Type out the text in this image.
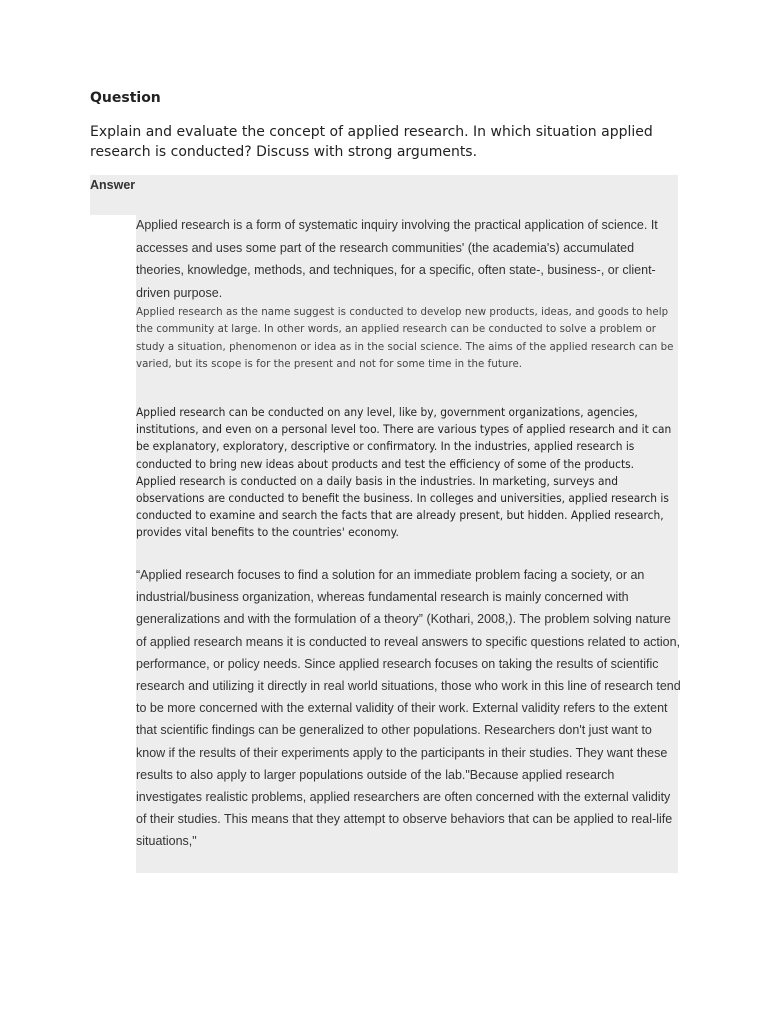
Question

Explain and evaluate the concept of applied research. In which situation applied research is conducted? Discuss with strong arguments.

Answer

Applied research is a form of systematic inquiry involving the practical application of science. It accesses and uses some part of the research communities' (the academia's) accumulated theories, knowledge, methods, and techniques, for a specific, often state-, business-, or client-driven purpose.

Applied research as the name suggest is conducted to develop new products, ideas, and goods to help the community at large. In other words, an applied research can be conducted to solve a problem or study a situation, phenomenon or idea as in the social science. The aims of the applied research can be varied, but its scope is for the present and not for some time in the future.

Applied research can be conducted on any level, like by, government organizations, agencies, institutions, and even on a personal level too. There are various types of applied research and it can be explanatory, exploratory, descriptive or confirmatory. In the industries, applied research is conducted to bring new ideas about products and test the efficiency of some of the products. Applied research is conducted on a daily basis in the industries. In marketing, surveys and observations are conducted to benefit the business. In colleges and universities, applied research is conducted to examine and search the facts that are already present, but hidden. Applied research, provides vital benefits to the countries' economy.

“Applied research focuses to find a solution for an immediate problem facing a society, or an industrial/business organization, whereas fundamental research is mainly concerned with generalizations and with the formulation of a theory” (Kothari, 2008,). The problem solving nature of applied research means it is conducted to reveal answers to specific questions related to action, performance, or policy needs. Since applied research focuses on taking the results of scientific research and utilizing it directly in real world situations, those who work in this line of research tend to be more concerned with the external validity of their work. External validity refers to the extent that scientific findings can be generalized to other populations. Researchers don't just want to know if the results of their experiments apply to the participants in their studies. They want these results to also apply to larger populations outside of the lab."Because applied research investigates realistic problems, applied researchers are often concerned with the external validity of their studies. This means that they attempt to observe behaviors that can be applied to real-life situations,"
